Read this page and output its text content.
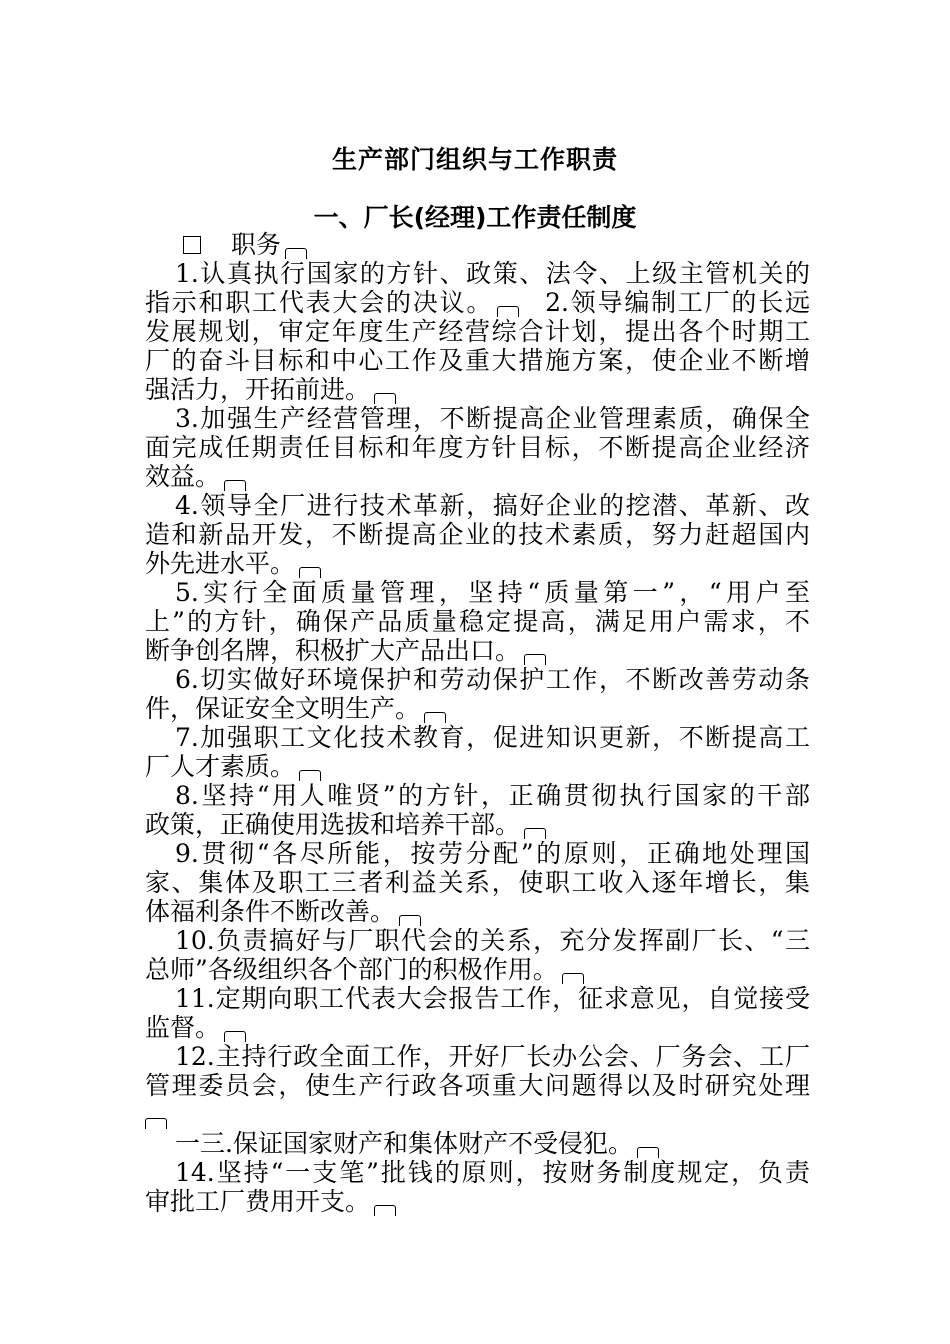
生产部门组织与工作职责
一、厂长(经理)工作责任制度
职务
1.认真执行国家的方针、政策、法令、上级主管机关的
指示和职工代表大会的决议。 2.领导编制工厂的长远
发展规划，审定年度生产经营综合计划，提出各个时期工
厂的奋斗目标和中心工作及重大措施方案，使企业不断增
强活力，开拓前进。
3.加强生产经营管理，不断提高企业管理素质，确保全
面完成任期责任目标和年度方针目标，不断提高企业经济
效益。
4.领导全厂进行技术革新，搞好企业的挖潜、革新、改
造和新品开发，不断提高企业的技术素质，努力赶超国内
外先进水平。
5.实行全面质量管理，坚持“质量第一”，“用户至
上”的方针，确保产品质量稳定提高，满足用户需求，不
断争创名牌，积极扩大产品出口。
6.切实做好环境保护和劳动保护工作，不断改善劳动条
件，保证安全文明生产。
7.加强职工文化技术教育，促进知识更新，不断提高工
厂人才素质。
8.坚持“用人唯贤”的方针，正确贯彻执行国家的干部
政策，正确使用选拔和培养干部。
9.贯彻“各尽所能，按劳分配”的原则，正确地处理国
家、集体及职工三者利益关系，使职工收入逐年增长，集
体福利条件不断改善。
10.负责搞好与厂职代会的关系，充分发挥副厂长、“三
总师”各级组织各个部门的积极作用。
11.定期向职工代表大会报告工作，征求意见，自觉接受
监督。
12.主持行政全面工作，开好厂长办公会、厂务会、工厂
管理委员会，使生产行政各项重大问题得以及时研究处理
一三.保证国家财产和集体财产不受侵犯。
14.坚持“一支笔”批钱的原则，按财务制度规定，负责
审批工厂费用开支。
